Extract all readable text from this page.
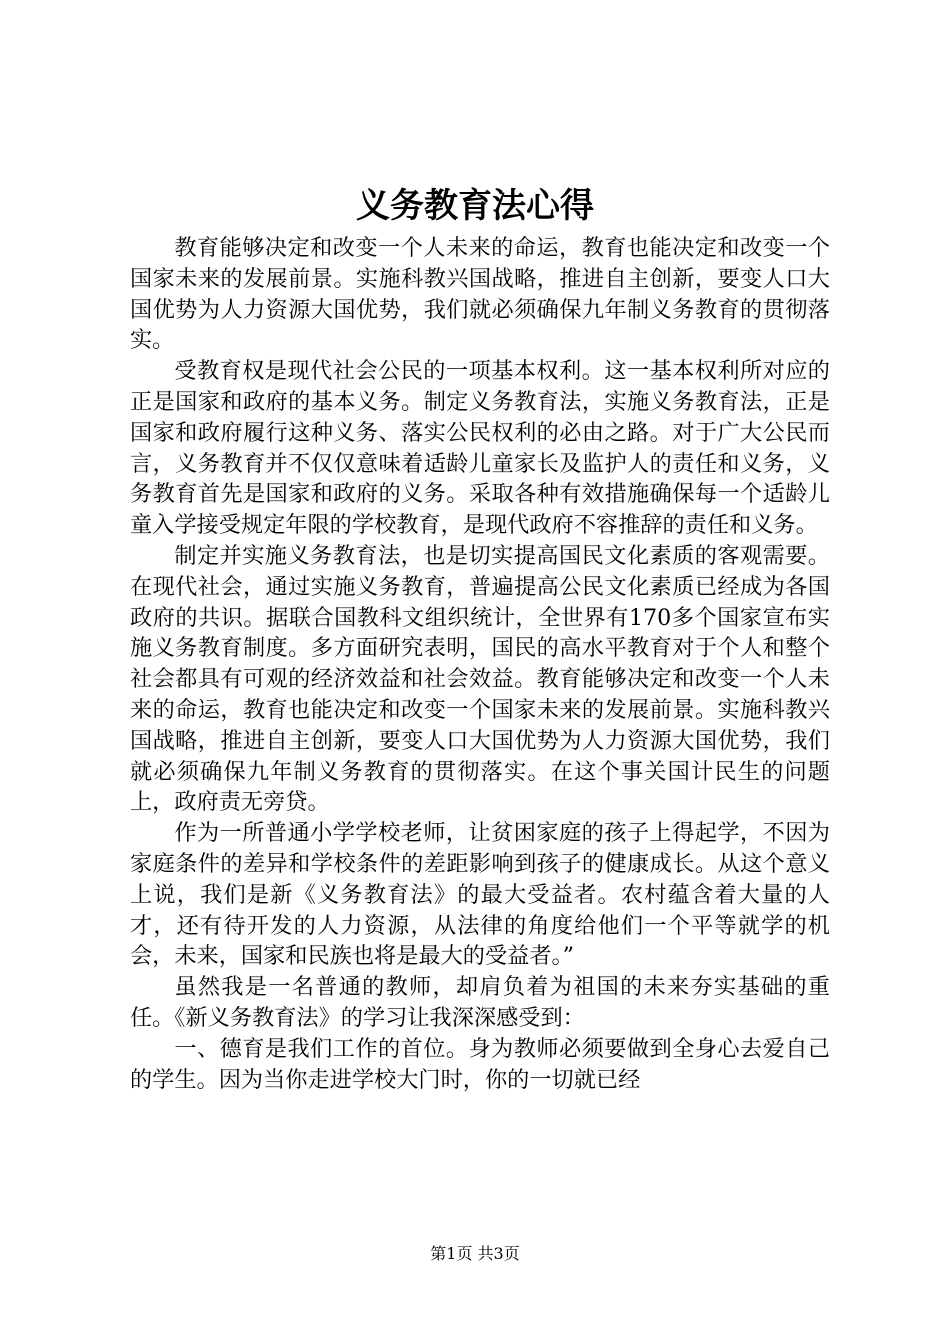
义务教育法心得

教育能够决定和改变一个人未来的命运，教育也能决定和改变一个国家未来的发展前景。实施科教兴国战略，推进自主创新，要变人口大国优势为人力资源大国优势，我们就必须确保九年制义务教育的贯彻落实。

受教育权是现代社会公民的一项基本权利。这一基本权利所对应的正是国家和政府的基本义务。制定义务教育法，实施义务教育法，正是国家和政府履行这种义务、落实公民权利的必由之路。对于广大公民而言，义务教育并不仅仅意味着适龄儿童家长及监护人的责任和义务，义务教育首先是国家和政府的义务。采取各种有效措施确保每一个适龄儿童入学接受规定年限的学校教育，是现代政府不容推辞的责任和义务。

制定并实施义务教育法，也是切实提高国民文化素质的客观需要。在现代社会，通过实施义务教育，普遍提高公民文化素质已经成为各国政府的共识。据联合国教科文组织统计，全世界有170多个国家宣布实施义务教育制度。多方面研究表明，国民的高水平教育对于个人和整个社会都具有可观的经济效益和社会效益。教育能够决定和改变一个人未来的命运，教育也能决定和改变一个国家未来的发展前景。实施科教兴国战略，推进自主创新，要变人口大国优势为人力资源大国优势，我们就必须确保九年制义务教育的贯彻落实。在这个事关国计民生的问题上，政府责无旁贷。

作为一所普通小学学校老师，让贫困家庭的孩子上得起学，不因为家庭条件的差异和学校条件的差距影响到孩子的健康成长。从这个意义上说，我们是新《义务教育法》的最大受益者。农村蕴含着大量的人才，还有待开发的人力资源，从法律的角度给他们一个平等就学的机会，未来，国家和民族也将是最大的受益者。”

虽然我是一名普通的教师，却肩负着为祖国的未来夯实基础的重任。《新义务教育法》的学习让我深深感受到：

一、德育是我们工作的首位。身为教师必须要做到全身心去爱自己的学生。因为当你走进学校大门时，你的一切就已经

第1页 共3页
